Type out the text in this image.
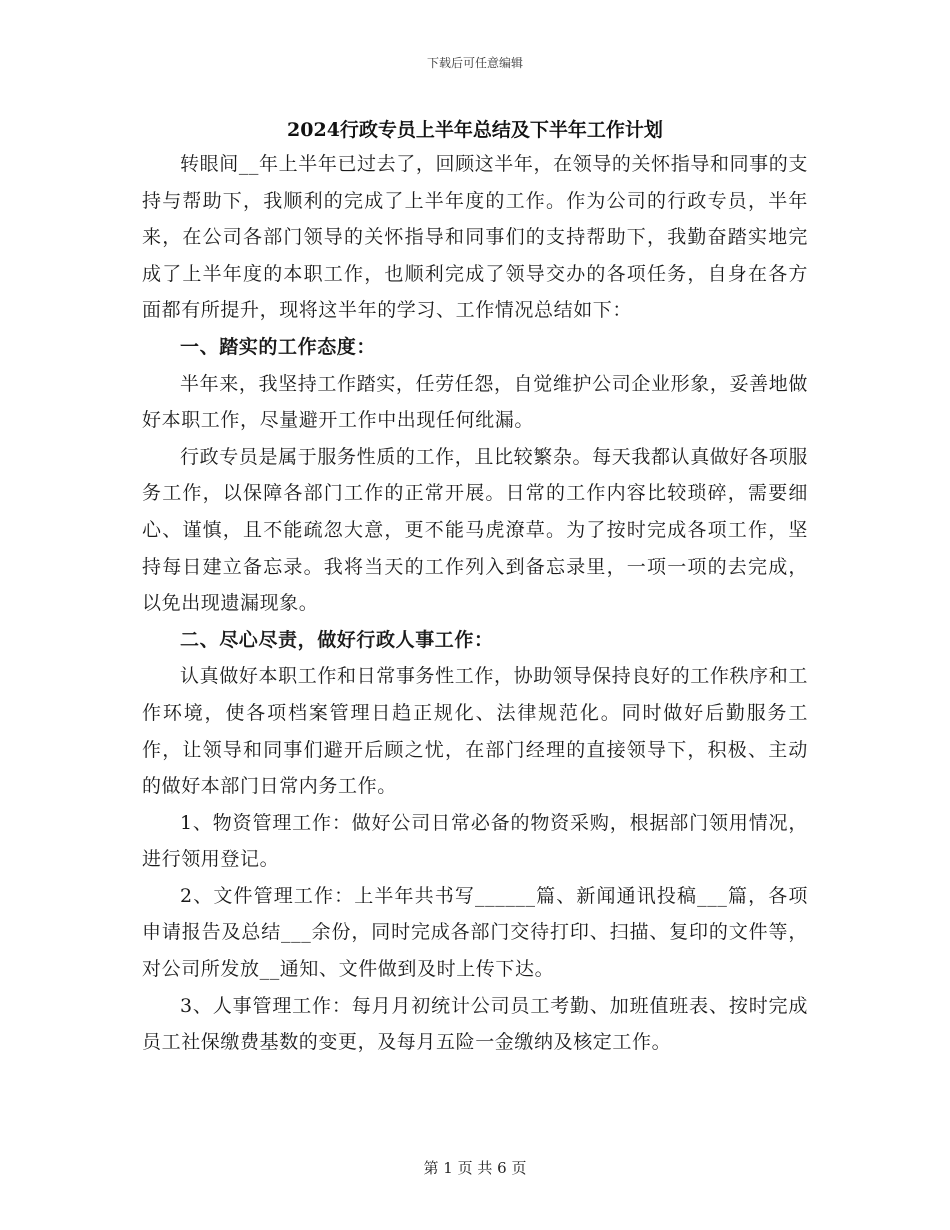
下载后可任意编辑
2024行政专员上半年总结及下半年工作计划

转眼间__年上半年已过去了，回顾这半年，在领导的关怀指导和同事的支持与帮助下，我顺利的完成了上半年度的工作。作为公司的行政专员，半年来，在公司各部门领导的关怀指导和同事们的支持帮助下，我勤奋踏实地完成了上半年度的本职工作，也顺利完成了领导交办的各项任务，自身在各方面都有所提升，现将这半年的学习、工作情况总结如下：

一、踏实的工作态度：

半年来，我坚持工作踏实，任劳任怨，自觉维护公司企业形象，妥善地做好本职工作，尽量避开工作中出现任何纰漏。

行政专员是属于服务性质的工作，且比较繁杂。每天我都认真做好各项服务工作，以保障各部门工作的正常开展。日常的工作内容比较琐碎，需要细心、谨慎，且不能疏忽大意，更不能马虎潦草。为了按时完成各项工作，坚持每日建立备忘录。我将当天的工作列入到备忘录里，一项一项的去完成，以免出现遗漏现象。

二、尽心尽责，做好行政人事工作：

认真做好本职工作和日常事务性工作，协助领导保持良好的工作秩序和工作环境，使各项档案管理日趋正规化、法律规范化。同时做好后勤服务工作，让领导和同事们避开后顾之忧，在部门经理的直接领导下，积极、主动的做好本部门日常内务工作。

1、物资管理工作：做好公司日常必备的物资采购，根据部门领用情况，进行领用登记。

2、文件管理工作：上半年共书写______篇、新闻通讯投稿___篇，各项申请报告及总结___余份，同时完成各部门交待打印、扫描、复印的文件等，对公司所发放__通知、文件做到及时上传下达。

3、人事管理工作：每月月初统计公司员工考勤、加班值班表、按时完成员工社保缴费基数的变更，及每月五险一金缴纳及核定工作。

第 1 页 共 6 页
